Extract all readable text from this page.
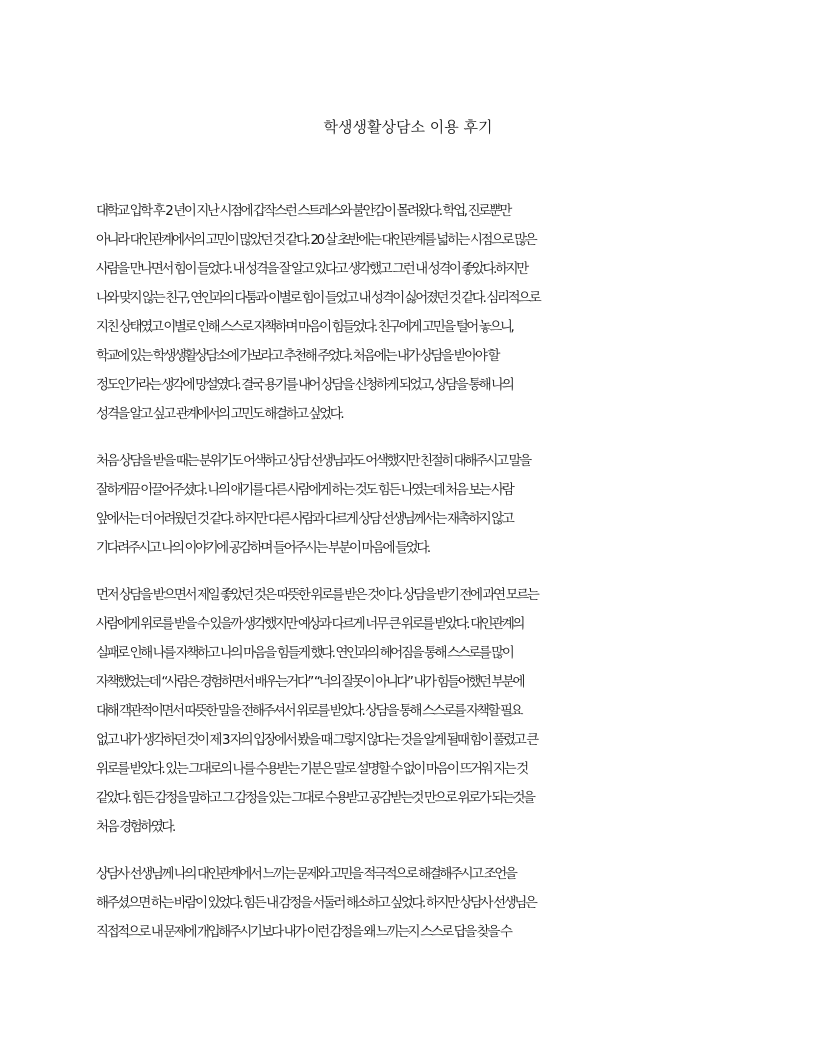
학생생활상담소 이용 후기
대학교 입학 후 2 년이 지난 시점에 갑작스런 스트레스와 불안감이 몰려왔다. 학업, 진로뿐만
아니라 대인관계에서의 고민이 많았던 것 같다. 20 살 초반에는 대인관계를 넓히는 시점으로 많은
사람을 만나면서 힘이 들었다. 내 성격을 잘 알고 있다고 생각했고 그런 내 성격이 좋았다.하지만
나와 맞지 않는 친구, 연인과의 다툼과 이별로 힘이 들었고 내 성격이 싫어졌던 것 같다. 심리적으로
지친 상태였고 이별로 인해 스스로 자책하며 마음이 힘들었다. 친구에게 고민을 털어 놓으니,
학교에 있는 학생생활상담소에 가보라고 추천해 주었다. 처음에는 내가 상담을 받아야 할
정도인가라는 생각에 망설였다. 결국 용기를 내어 상담을 신청하게 되었고, 상담을 통해 나의
성격을 알고 싶고 관계에서의 고민도 해결하고 싶었다.
처음 상담을 받을 때는 분위기도 어색하고 상담 선생님과도 어색했지만 친절히 대해주시고 말을
잘하게끔 이끌어주셨다. 나의 애기를 다른 사람에게 하는 것도 힘든 나였는데 처음 보는 사람
앞에서는 더 어려웠던 것 같다. 하지만 다른 사람과 다르게 상담 선생님께서는 재촉하지 않고
기다려주시고 나의 이야기에 공감하며 들어주시는 부분이 마음에 들었다.
먼저 상담을 받으면서 제일 좋았던 것은 따뜻한 위로를 받은 것이다. 상담을 받기 전에 과연 모르는
사람에게 위로를 받을 수 있을까 생각했지만 예상과 다르게 너무 큰 위로를 받았다. 대인관계의
실패로 인해 나를 자책하고 나의 마음을 힘들게 했다. 연인과의 헤어짐을 통해 스스로를 많이
자책했었는데 “사람은 경험하면서 배우는거다” “너의 잘못이 아니다” 내가 힘들어했던 부분에
대해 객관적이면서 따뜻한 말을 전해주셔서 위로를 받았다. 상담을 통해 스스로를 자책할 필요
없고 내가 생각하던 것이 제 3 자의 입장에서 봤을 때 그렇지 않다는 것을 알게 될때 힘이 풀렸고 큰
위로를 받았다. 있는 그대로의 나를 수용받는 기분은 말로 설명할 수 없이 마음이 뜨거워 지는 것
같았다. 힘든 감정을 말하고 그 감정을 있는 그대로 수용받고 공감받는것 만으로 위로가 되는것을
처음 경험하였다.
상담사 선생님께 나의 대인관계에서 느끼는 문제와 고민을 적극적으로 해결해주시고 조언을
해주셨으면 하는 바람이 있었다. 힘든 내 감정을 서둘러 해소하고 싶었다. 하지만 상담사 선생님은
직접적으로 내 문제에 개입해주시기보다 내가 이런 감정을 왜 느끼는지 스스로 답을 찾을 수
